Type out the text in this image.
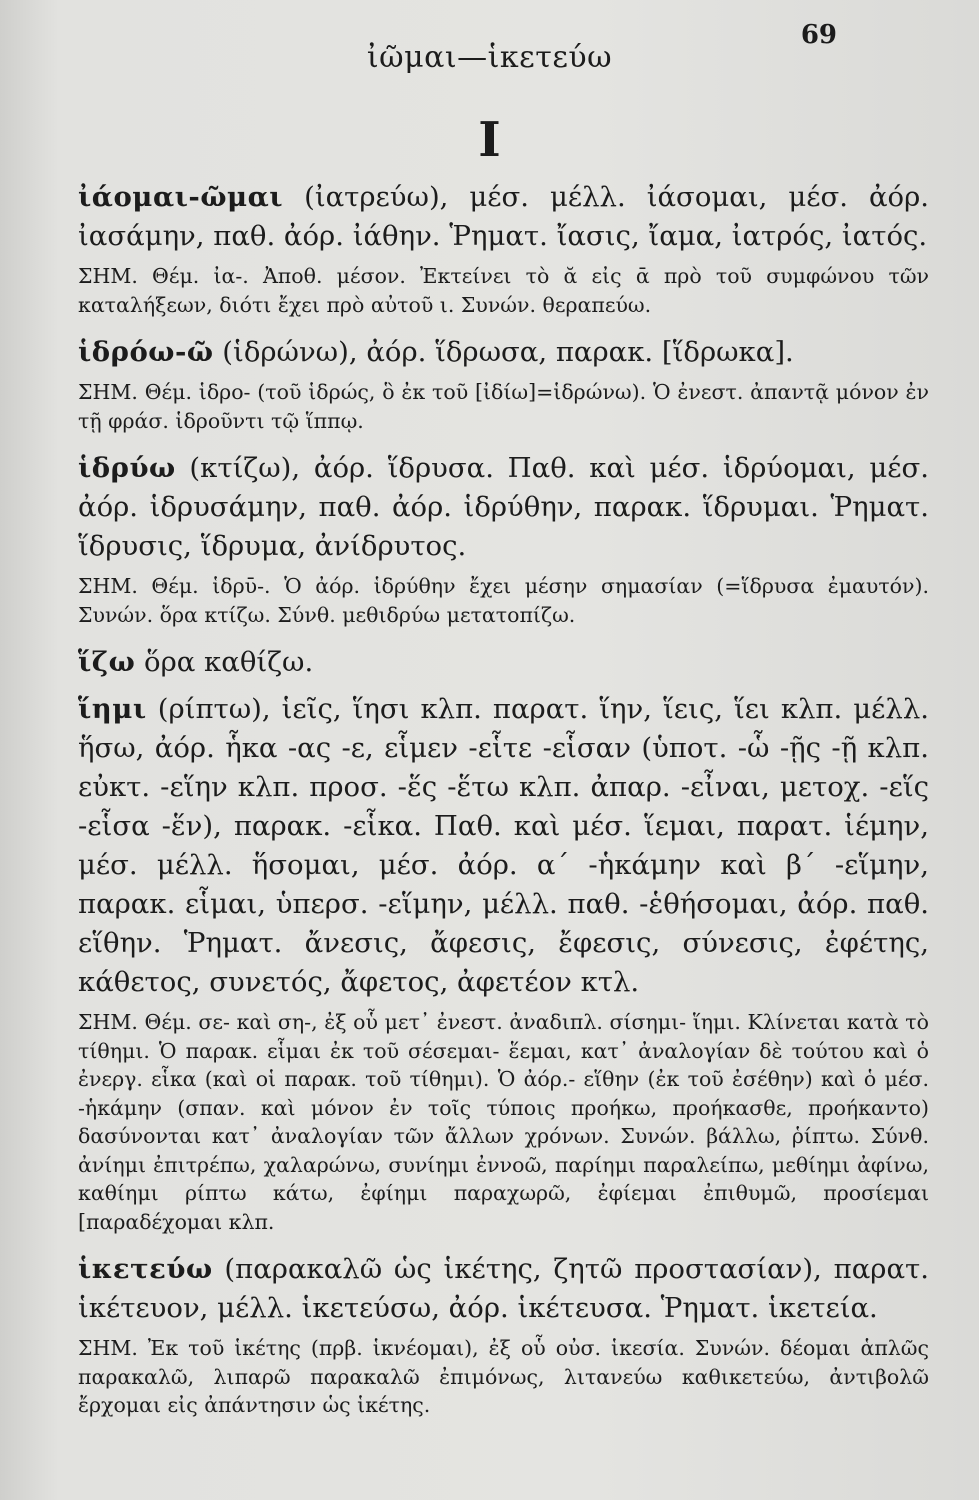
ἰῶμαι—ἱκετεύω
69
Ι

ἰάομαι-ῶμαι (ἰατρεύω), μέσ. μέλλ. ἰάσομαι, μέσ. ἀόρ. ἰασάμην, παθ. ἀόρ. ἰάθην. Ῥηματ. ἴασις, ἴαμα, ἰατρός, ἰατός.

ΣΗΜ. Θέμ. ἰα-. Ἀποθ. μέσον. Ἐκτείνει τὸ ᾰ εἰς ᾱ πρὸ τοῦ συμφώνου τῶν καταλήξεων, διότι ἔχει πρὸ αὐτοῦ ι. Συνών. θεραπεύω.

ἱδρόω-ῶ (ἱδρώνω), ἀόρ. ἵδρωσα, παρακ. [ἵδρωκα].

ΣΗΜ. Θέμ. ἱδρο- (τοῦ ἱδρώς, ὃ ἐκ τοῦ [ἰδίω]=ἱδρώνω). Ὁ ἐνεστ. ἀπαντᾷ μόνον ἐν τῇ φράσ. ἱδροῦντι τῷ ἵππῳ.

ἱδρύω (κτίζω), ἀόρ. ἵδρυσα. Παθ. καὶ μέσ. ἱδρύομαι, μέσ. ἀόρ. ἱδρυσάμην, παθ. ἀόρ. ἱδρύθην, παρακ. ἵδρυμαι. Ῥηματ. ἵδρυσις, ἵδρυμα, ἀνίδρυτος.

ΣΗΜ. Θέμ. ἱδρῡ-. Ὁ ἀόρ. ἱδρύθην ἔχει μέσην σημασίαν (=ἵδρυσα ἐμαυτόν). Συνών. ὅρα κτίζω. Σύνθ. μεθιδρύω μετατοπίζω.

ἵζω ὅρα καθίζω.

ἵημι (ρίπτω), ἱεῖς, ἵησι κλπ. παρατ. ἵην, ἵεις, ἵει κλπ. μέλλ. ἥσω, ἀόρ. ἧκα -ας -ε, εἷμεν -εἷτε -εἷσαν (ὑποτ. -ὧ -ῇς -ῇ κλπ. εὐκτ. -εἵην κλπ. προσ. -ἕς -ἕτω κλπ. ἀπαρ. -εἶναι, μετοχ. -εἵς -εἷσα -ἕν), παρακ. -εἷκα. Παθ. καὶ μέσ. ἵεμαι, παρατ. ἱέμην, μέσ. μέλλ. ἥσομαι, μέσ. ἀόρ. α΄ -ἡκάμην καὶ β΄ -εἵμην, παρακ. εἷμαι, ὑπερσ. -εἵμην, μέλλ. παθ. -ἑθήσομαι, ἀόρ. παθ. εἵθην. Ῥηματ. ἄνεσις, ἄφεσις, ἔφεσις, σύνεσις, ἐφέτης, κάθετος, συνετός, ἄφετος, ἀφετέον κτλ.

ΣΗΜ. Θέμ. σε- καὶ ση-, ἐξ οὗ μετ᾽ ἐνεστ. ἀναδιπλ. σίσημι- ἵημι. Κλίνεται κατὰ τὸ τίθημι. Ὁ παρακ. εἷμαι ἐκ τοῦ σέσεμαι- ἕεμαι, κατ᾽ ἀναλογίαν δὲ τούτου καὶ ὁ ἐνεργ. εἷκα (καὶ οἱ παρακ. τοῦ τίθημι). Ὁ ἀόρ.- εἵθην (ἐκ τοῦ ἐσέθην) καὶ ὁ μέσ. -ἡκάμην (σπαν. καὶ μόνον ἐν τοῖς τύποις προήκω, προήκασθε, προήκαντο) δασύνονται κατ᾽ ἀναλογίαν τῶν ἄλλων χρόνων. Συνών. βάλλω, ῥίπτω. Σύνθ. ἀνίημι ἐπιτρέπω, χαλαρώνω, συνίημι ἐννοῶ, παρίημι παραλείπω, μεθίημι ἀφίνω, καθίημι ρίπτω κάτω, ἐφίημι παραχωρῶ, ἐφίεμαι ἐπιθυμῶ, προσίεμαι [παραδέχομαι κλπ.

ἱκετεύω (παρακαλῶ ὡς ἱκέτης, ζητῶ προστασίαν), παρατ. ἱκέτευον, μέλλ. ἱκετεύσω, ἀόρ. ἱκέτευσα. Ῥηματ. ἱκετεία.

ΣΗΜ. Ἐκ τοῦ ἱκέτης (πρβ. ἱκνέομαι), ἐξ οὗ οὐσ. ἱκεσία. Συνών. δέομαι ἁπλῶς παρακαλῶ, λιπαρῶ παρακαλῶ ἐπιμόνως, λιτανεύω καθικετεύω, ἀντιβολῶ ἔρχομαι εἰς ἀπάντησιν ὡς ἱκέτης.
